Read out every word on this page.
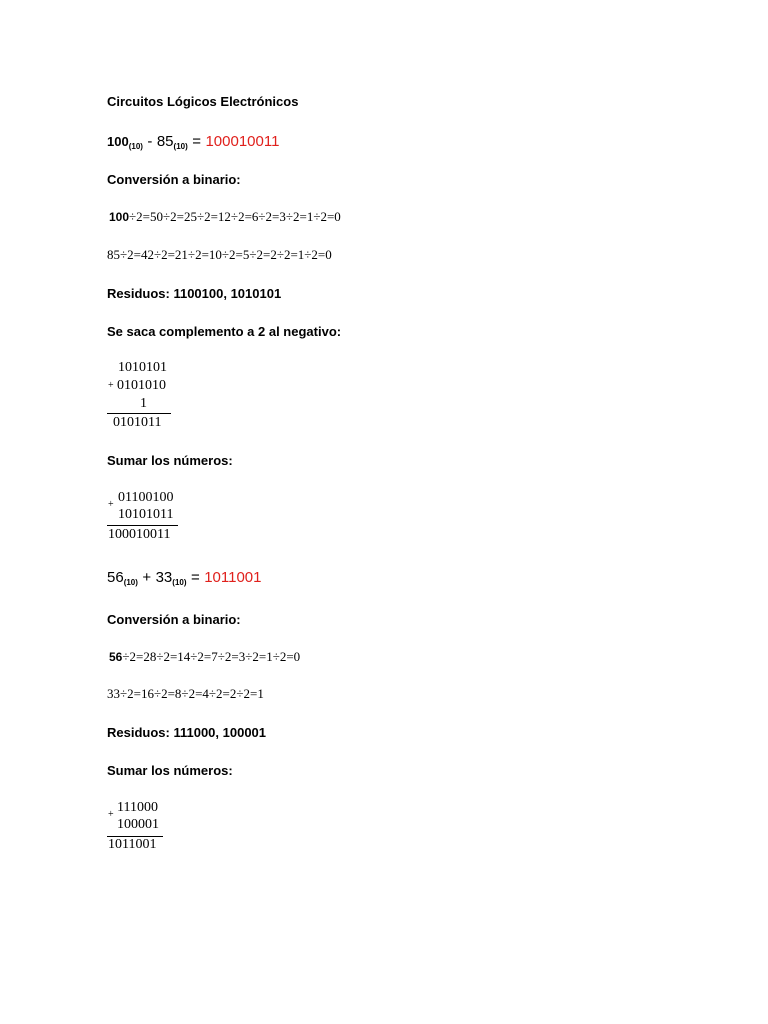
Circuitos Lógicos Electrónicos
$100_{(10)} - 85_{(10)} = 100010011$
Conversión a binario:
100÷2=50÷2=25÷2=12÷2=6÷2=3÷2=1÷2=0
85÷2=42÷2=21÷2=10÷2=5÷2=2÷2=1÷2=0
Residuos: 1100100, 1010101
Se saca complemento a 2 al negativo:
1010101
+ 0101010
1
0101011
Sumar los números:
+ 01100100
10101011
100010011
$56_{(10)} + 33_{(10)} = 1011001$
Conversión a binario:
56÷2=28÷2=14÷2=7÷2=3÷2=1÷2=0
33÷2=16÷2=8÷2=4÷2=2÷2=1
Residuos: 111000, 100001
Sumar los números:
+ 111000
100001
1011001
